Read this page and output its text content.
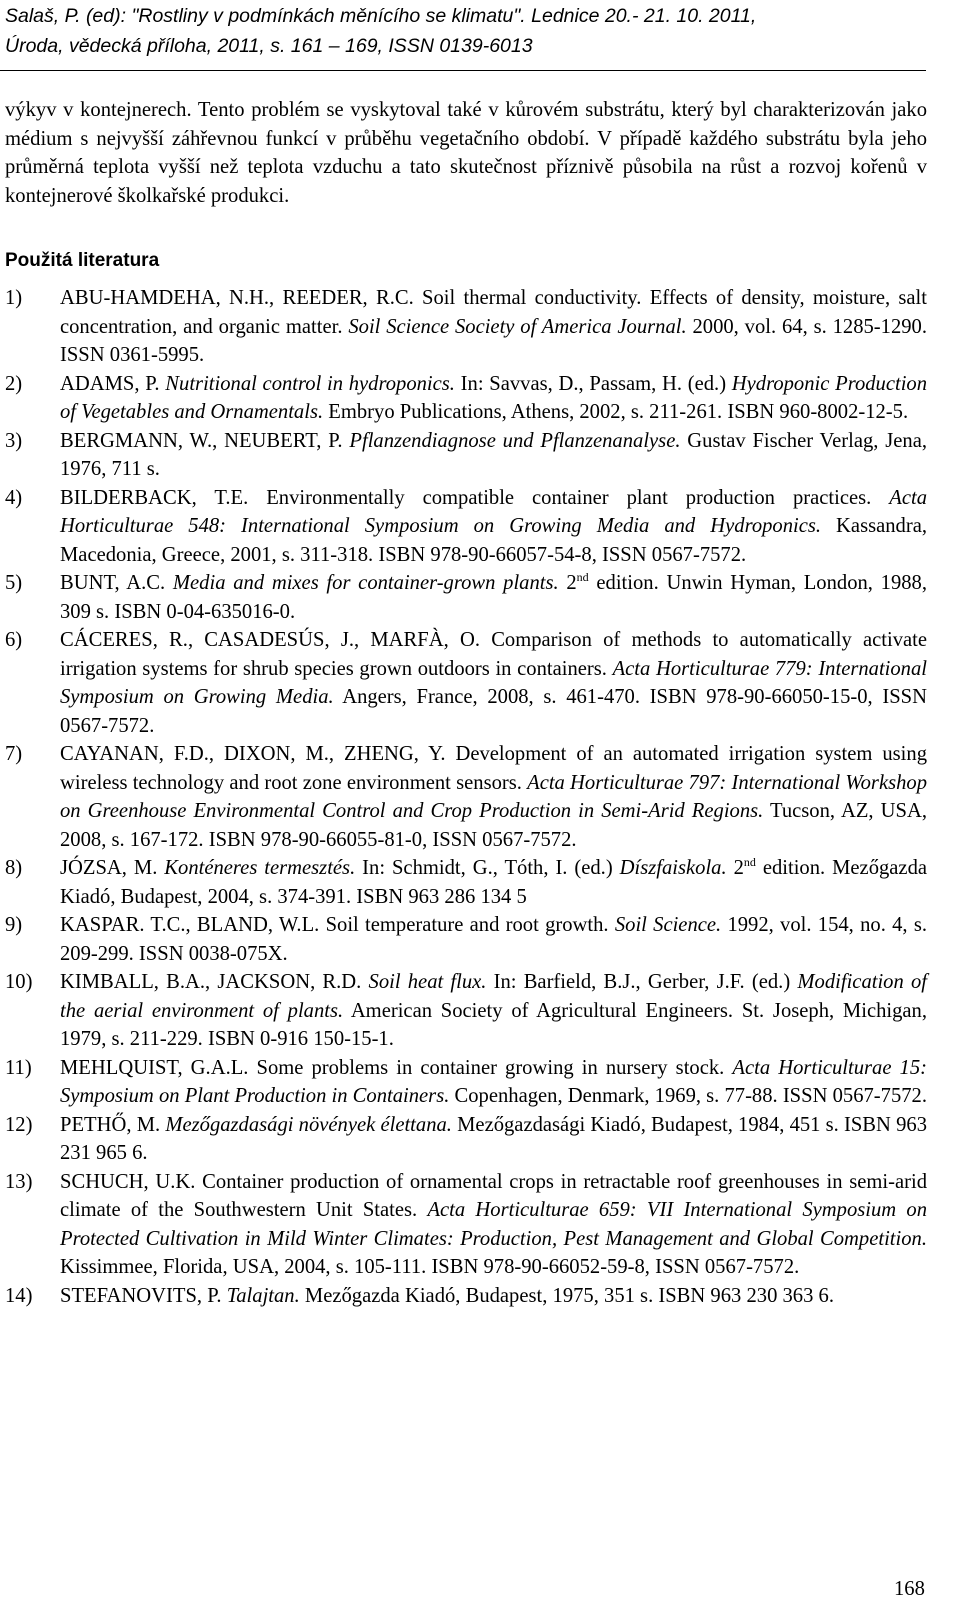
Salaš, P. (ed): "Rostliny v podmínkách měnícího se klimatu". Lednice 20.- 21. 10. 2011,
Úroda, vědecká příloha, 2011, s. 161 – 169, ISSN 0139-6013

výkyv v kontejnerech. Tento problém se vyskytoval také v kůrovém substrátu, který byl charakterizován jako médium s nejvyšší záhřevnou funkcí v průběhu vegetačního období. V případě každého substrátu byla jeho průměrná teplota vyšší než teplota vzduchu a tato skutečnost příznivě působila na růst a rozvoj kořenů v kontejnerové školkařské produkci.

Použitá literatura
1) ABU-HAMDEHA, N.H., REEDER, R.C. Soil thermal conductivity. Effects of density, moisture, salt concentration, and organic matter. Soil Science Society of America Journal. 2000, vol. 64, s. 1285-1290. ISSN 0361-5995.
2) ADAMS, P. Nutritional control in hydroponics. In: Savvas, D., Passam, H. (ed.) Hydroponic Production of Vegetables and Ornamentals. Embryo Publications, Athens, 2002, s. 211-261. ISBN 960-8002-12-5.
3) BERGMANN, W., NEUBERT, P. Pflanzendiagnose und Pflanzenanalyse. Gustav Fischer Verlag, Jena, 1976, 711 s.
4) BILDERBACK, T.E. Environmentally compatible container plant production practices. Acta Horticulturae 548: International Symposium on Growing Media and Hydroponics. Kassandra, Macedonia, Greece, 2001, s. 311-318. ISBN 978-90-66057-54-8, ISSN 0567-7572.
5) BUNT, A.C. Media and mixes for container-grown plants. 2nd edition. Unwin Hyman, London, 1988, 309 s. ISBN 0-04-635016-0.
6) CÁCERES, R., CASADESÚS, J., MARFÀ, O. Comparison of methods to automatically activate irrigation systems for shrub species grown outdoors in containers. Acta Horticulturae 779: International Symposium on Growing Media. Angers, France, 2008, s. 461-470. ISBN 978-90-66050-15-0, ISSN 0567-7572.
7) CAYANAN, F.D., DIXON, M., ZHENG, Y. Development of an automated irrigation system using wireless technology and root zone environment sensors. Acta Horticulturae 797: International Workshop on Greenhouse Environmental Control and Crop Production in Semi-Arid Regions. Tucson, AZ, USA, 2008, s. 167-172. ISBN 978-90-66055-81-0, ISSN 0567-7572.
8) JÓZSA, M. Konténeres termesztés. In: Schmidt, G., Tóth, I. (ed.) Díszfaiskola. 2nd edition. Mezőgazda Kiadó, Budapest, 2004, s. 374-391. ISBN 963 286 134 5
9) KASPAR. T.C., BLAND, W.L. Soil temperature and root growth. Soil Science. 1992, vol. 154, no. 4, s. 209-299. ISSN 0038-075X.
10) KIMBALL, B.A., JACKSON, R.D. Soil heat flux. In: Barfield, B.J., Gerber, J.F. (ed.) Modification of the aerial environment of plants. American Society of Agricultural Engineers. St. Joseph, Michigan, 1979, s. 211-229. ISBN 0-916 150-15-1.
11) MEHLQUIST, G.A.L. Some problems in container growing in nursery stock. Acta Horticulturae 15: Symposium on Plant Production in Containers. Copenhagen, Denmark, 1969, s. 77-88. ISSN 0567-7572.
12) PETHŐ, M. Mezőgazdasági növények élettana. Mezőgazdasági Kiadó, Budapest, 1984, 451 s. ISBN 963 231 965 6.
13) SCHUCH, U.K. Container production of ornamental crops in retractable roof greenhouses in semi-arid climate of the Southwestern Unit States. Acta Horticulturae 659: VII International Symposium on Protected Cultivation in Mild Winter Climates: Production, Pest Management and Global Competition. Kissimmee, Florida, USA, 2004, s. 105-111. ISBN 978-90-66052-59-8, ISSN 0567-7572.
14) STEFANOVITS, P. Talajtan. Mezőgazda Kiadó, Budapest, 1975, 351 s. ISBN 963 230 363 6.
168
